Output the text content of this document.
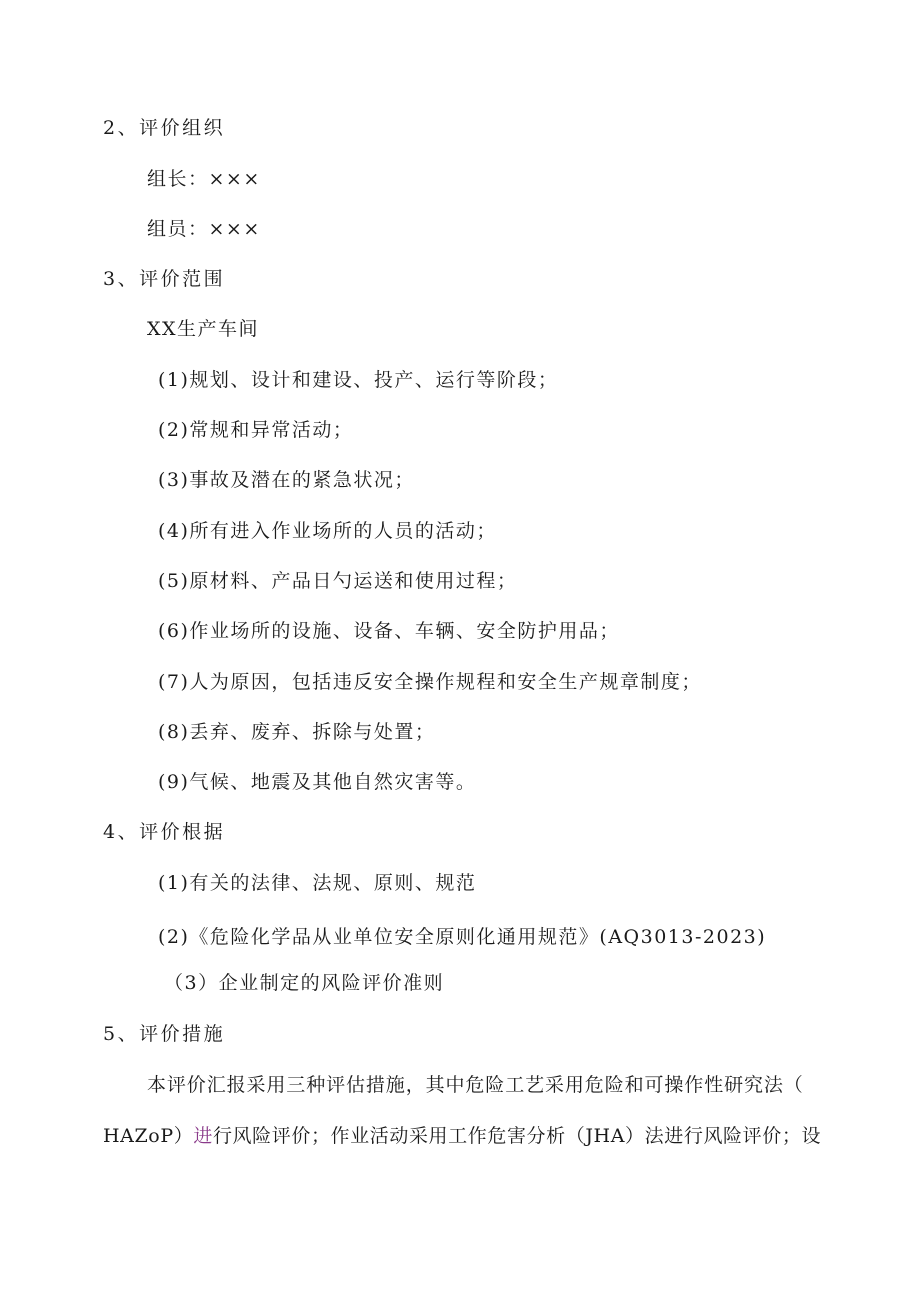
2、评价组织
组长：×××
组员：×××
3、评价范围
XX生产车间
(1)规划、设计和建设、投产、运行等阶段；
(2)常规和异常活动；
(3)事故及潜在的紧急状况；
(4)所有进入作业场所的人员的活动；
(5)原材料、产品日勺运送和使用过程；
(6)作业场所的设施、设备、车辆、安全防护用品；
(7)人为原因，包括违反安全操作规程和安全生产规章制度；
(8)丢弃、废弃、拆除与处置；
(9)气候、地震及其他自然灾害等。
4、评价根据
(1)有关的法律、法规、原则、规范
(2)《危险化学品从业单位安全原则化通用规范》(AQ3013-2023)
（3）企业制定的风险评价准则
5、评价措施
本评价汇报采用三种评估措施，其中危险工艺采用危险和可操作性研究法（
HAZoP）进行风险评价；作业活动采用工作危害分析（JHA）法进行风险评价；设
